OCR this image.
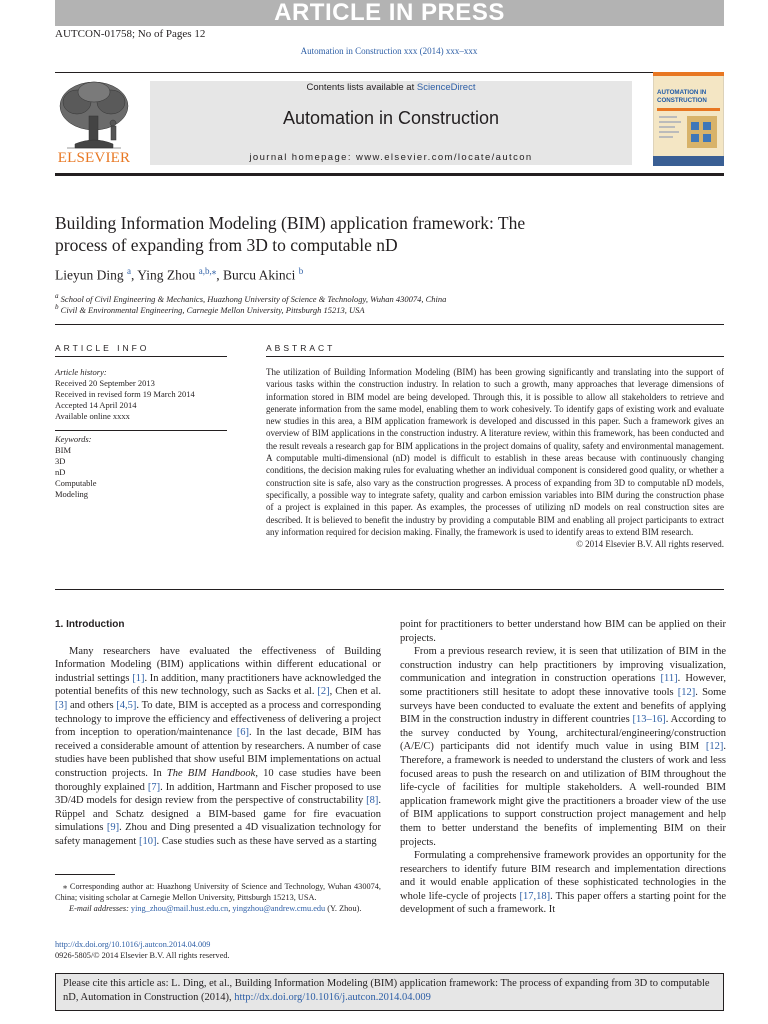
ARTICLE IN PRESS
AUTCON-01758; No of Pages 12
Automation in Construction xxx (2014) xxx–xxx
ELSEVIER
Contents lists available at ScienceDirect
Automation in Construction
journal homepage: www.elsevier.com/locate/autcon
AUTOMATION IN
CONSTRUCTION
Building Information Modeling (BIM) application framework: The
process of expanding from 3D to computable nD
Lieyun Ding $^a$, Ying Zhou $^{a,b,⁎}$, Burcu Akinci $^b$
$^a$ School of Civil Engineering & Mechanics, Huazhong University of Science & Technology, Wuhan 430074, China
$^b$ Civil & Environmental Engineering, Carnegie Mellon University, Pittsburgh 15213, USA
ARTICLE INFO
Article history:
Received 20 September 2013
Received in revised form 19 March 2014
Accepted 14 April 2014
Available online xxxx
Keywords:
BIM
3D
nD
Computable
Modeling
ABSTRACT
The utilization of Building Information Modeling (BIM) has been growing significantly and translating into the support of various tasks within the construction industry. In relation to such a growth, many approaches that leverage dimensions of information stored in BIM model are being developed. Through this, it is possible to allow all stakeholders to retrieve and generate information from the same model, enabling them to work cohesively. To identify gaps of existing work and evaluate new studies in this area, a BIM application framework is developed and discussed in this paper. Such a framework gives an overview of BIM applications in the construction industry. A literature review, within this framework, has been conducted and the result reveals a research gap for BIM applications in the project domains of quality, safety and environmental management. A computable multi-dimensional (nD) model is difficult to establish in these areas because with continuously changing conditions, the decision making rules for evaluating whether an individual component is considered good quality, or whether a construction site is safe, also vary as the construction progresses. A process of expanding from 3D to computable nD models, specifically, a possible way to integrate safety, quality and carbon emission variables into BIM during the construction phase of a project is explained in this paper. As examples, the processes of utilizing nD models on real construction sites are described. It is believed to benefit the industry by providing a computable BIM and enabling all project participants to extract any information required for decision making. Finally, the framework is used to identify areas to extend BIM research.
© 2014 Elsevier B.V. All rights reserved.
1. Introduction

Many researchers have evaluated the effectiveness of Building Information Modeling (BIM) applications within different educational or industrial settings [1]. In addition, many practitioners have acknowledged the potential benefits of this new technology, such as Sacks et al. [2], Chen et al. [3] and others [4,5]. To date, BIM is accepted as a process and corresponding technology to improve the efficiency and effectiveness of delivering a project from inception to operation/maintenance [6]. In the last decade, BIM has received a considerable amount of attention by researchers. A number of case studies have been published that show useful BIM implementations on actual construction projects. In The BIM Handbook, 10 case studies have been thoroughly explained [7]. In addition, Hartmann and Fischer proposed to use 3D/4D models for design review from the perspective of constructability [8]. Rüppel and Schatz designed a BIM-based game for fire evacuation simulations [9]. Zhou and Ding presented a 4D visualization technology for safety management [10]. Case studies such as these have served as a starting

point for practitioners to better understand how BIM can be applied on their projects.

From a previous research review, it is seen that utilization of BIM in the construction industry can help practitioners by improving visualization, communication and integration in construction operations [11]. However, some practitioners still hesitate to adopt these innovative tools [12]. Some surveys have been conducted to evaluate the extent and benefits of applying BIM in the construction industry in different countries [13–16]. According to the survey conducted by Young, architectural/engineering/construction (A/E/C) participants did not identify much value in using BIM [12]. Therefore, a framework is needed to understand the clusters of work and less focused areas to push the research on and utilization of BIM throughout the life-cycle of facilities for multiple stakeholders. A well-rounded BIM application framework might give the practitioners a broader view of the use of BIM applications to support construction project management and help them to better understand the benefits of implementing BIM on their projects.

Formulating a comprehensive framework provides an opportunity for the researchers to identify future BIM research and implementation directions and it would enable application of these sophisticated technologies in the whole life-cycle of projects [17,18]. This paper offers a starting point for the development of such a framework. It

⁎ Corresponding author at: Huazhong University of Science and Technology, Wuhan 430074, China; visiting scholar at Carnegie Mellon University, Pittsburgh 15213, USA.
E-mail addresses: ying_zhou@mail.hust.edu.cn, yingzhou@andrew.cmu.edu (Y. Zhou).
http://dx.doi.org/10.1016/j.autcon.2014.04.009
0926-5805/© 2014 Elsevier B.V. All rights reserved.
Please cite this article as: L. Ding, et al., Building Information Modeling (BIM) application framework: The process of expanding from 3D to computable nD, Automation in Construction (2014), http://dx.doi.org/10.1016/j.autcon.2014.04.009
